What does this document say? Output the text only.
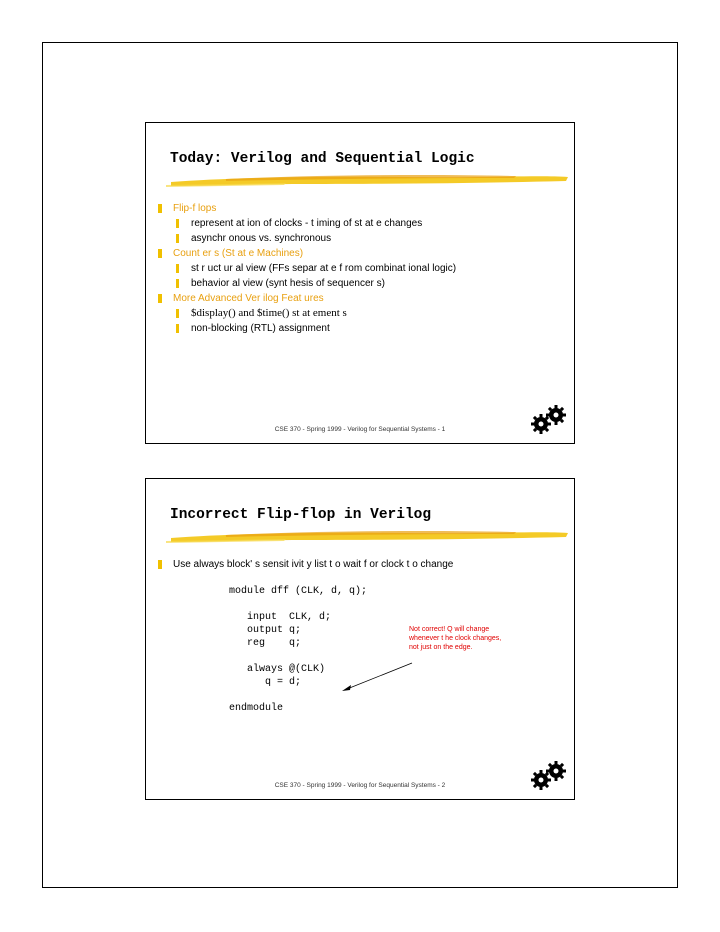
Today: Verilog and Sequential Logic
Flip-f lops
represent at ion of clocks - t iming of st at e changes
asynchr onous vs. synchronous
Count er s (St at e Machines)
st r uct ur al view (FFs separ at e f rom combinat ional logic)
behavior al view (synt hesis of sequencer s)
More Advanced Ver ilog Feat ures
$display() and $time() st at ement s
non-blocking (RTL) assignment
CSE 370 - Spring 1999 - Verilog for Sequential Systems - 1
Incorrect Flip-flop in Verilog
Use always block' s sensit ivit y list t o wait f or clock t o change
module dff (CLK, d, q);

input  CLK, d;
output q;
reg    q;

always @(CLK)
q = d;

endmodule
Not correct! Q will change whenever t he clock changes, not just on the edge.
CSE 370 - Spring 1999 - Verilog for Sequential Systems - 2
